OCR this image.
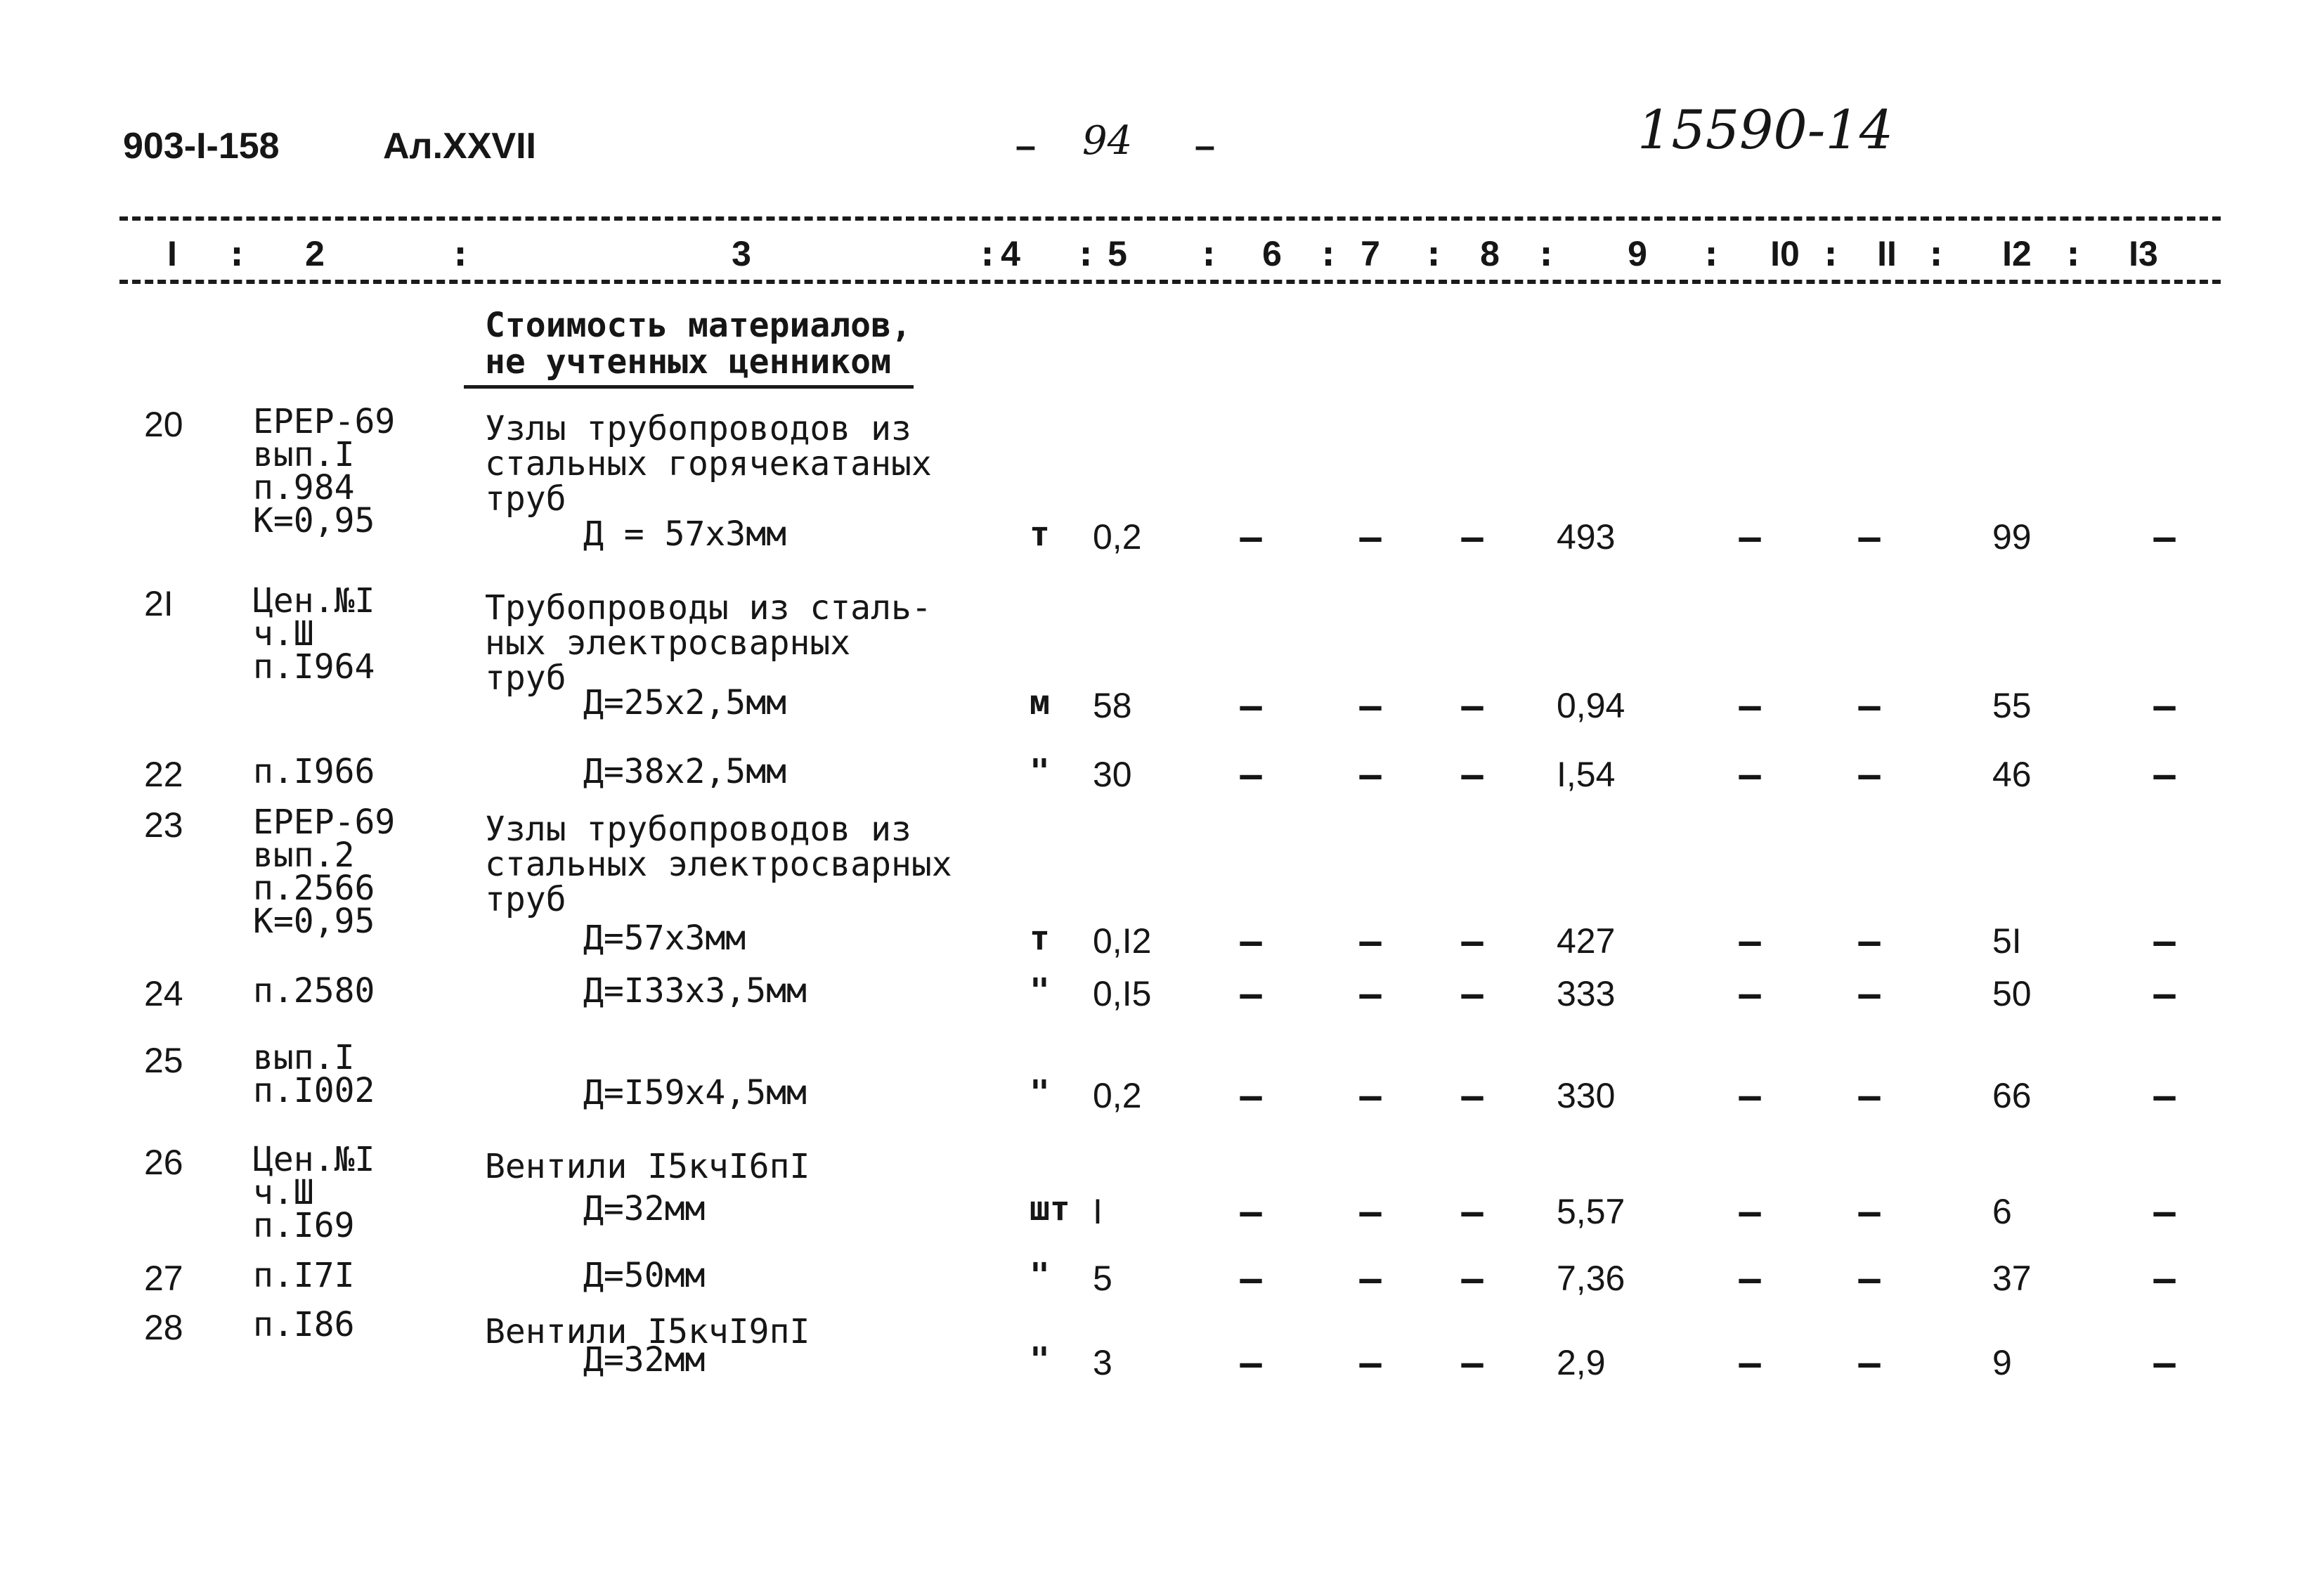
903-I-158	Ал.XXVII	– 94 –	15590-14
I	2	3	4	5	6	7	8	9	I0	II	I2	I3
:	:	: :	:	: :	:	:	: :	:
Стоимость материалов,
не учтенных ценником
20 ЕРЕР-69
вып.I
п.984
К=0,95
Узлы трубопроводов из
стальных горячекатаных
труб
Д = 57х3мм	т 0,2	–	– – 493	–	–	99	–
2I Цен.№I
ч.Ш
п.I964
Трубопроводы из сталь-
ных электросварных
труб
Д=25х2,5мм	м 58	–	– – 0,94	–	–	55	–
22 п.I966	Д=38х2,5мм	" 30	–	– – I,54	–	–	46	–
23 ЕРЕР-69
вып.2
п.2566
К=0,95
Узлы трубопроводов из
стальных электросварных
труб
Д=57х3мм	т 0,I2 –	– – 427	–	–	5I	–
24 п.2580	Д=I33х3,5мм	" 0,I5 –	– – 333	–	–	50	–
25 вып.I
п.I002	Д=I59х4,5мм	" 0,2	–	– – 330	–	–	66	–
26 Цен.№I
ч.Ш
п.I69
Вентили I5кчI6пI
Д=32мм	шт I	–	– – 5,57	–	–	6	–
27 п.I7I	Д=50мм	" 5	–	– – 7,36	–	–	37	–
28 п.I86	Вентили I5кчI9пI
Д=32мм	" 3	–	– – 2,9	–	–	9	–
